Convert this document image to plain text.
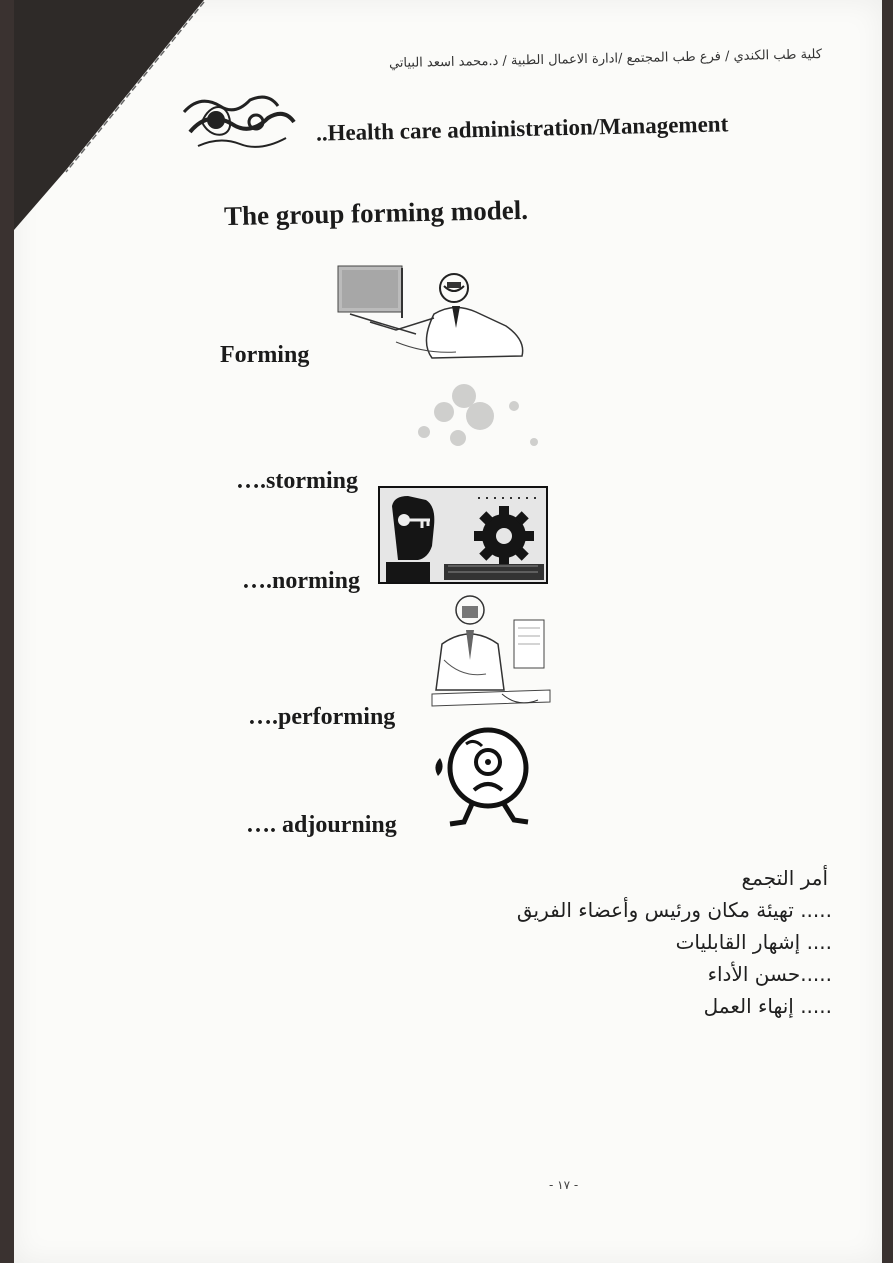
كلية طب الكندي / فرع طب المجتمع /ادارة الاعمال الطبية / د.محمد اسعد البياتي
..Health care administration/Management
The group forming model.
Forming
….storming
….norming
….performing
…. adjourning
أمر التجمع
..... تهيئة مكان ورئيس وأعضاء الفريق
.... إشهار القابليات
.....حسن الأداء
..... إنهاء العمل
- ١٧ -
